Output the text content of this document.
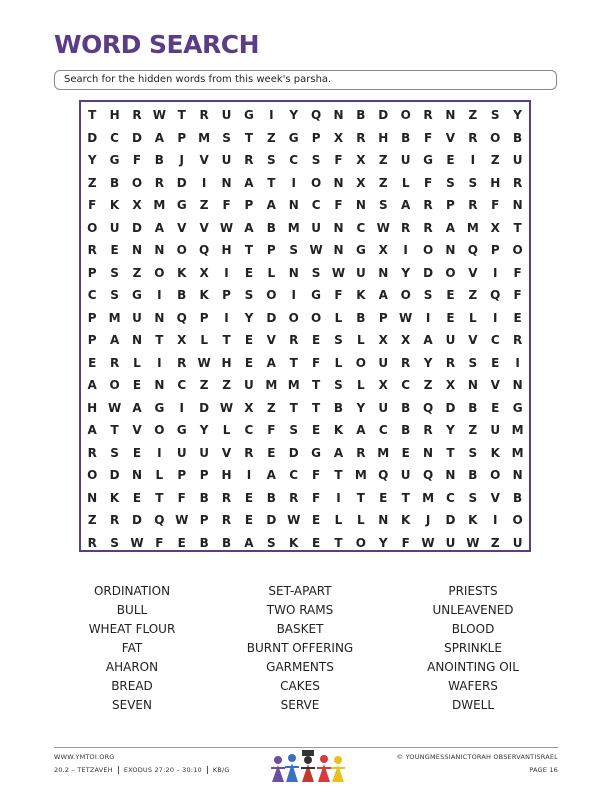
WORD SEARCH
Search for the hidden words from this week's parsha.
T	H	R W T	R	U	G	I	Y	Q	N	B	D	O	R	N	Z	S	Y
D	C	D	A	P	M	S	T	Z	G	P	X	R	H	B	F	V	R	O	B
Y	G	F	B	J	V	U	R	S	C	S	F	X	Z	U	G	E	I	Z	U
Z	B	O	R	D	I	N	A	T	I	O	N	X	Z	L	F	S	S	H	R
F	K	X M G	Z	F	P	A	N	C	F	N	S	A	R	P	R	F	N
O	U	D	A	V	V W A	B M U	N	C W R	R	A M X	T
R	E	N	N	O	Q	H	T	P	S W N	G	X	I	O	N	Q	P	O
P	S	Z	O	K	X	I	E	L	N	S W U	N	Y	D	O	V	I	F
C	S	G	I	B	K	P	S	O	I	G	F	K	A	O	S	E	Z	Q	F
P	M U	N	Q	P	I	Y	D	O	O	L	B	P W	I	E	L	I	E
P	A	N	T	X	L	T	E	V	R	E	S	L	X	X	A	U	V	C	R
E	R	L	I	R W H	E	A	T	F	L	O	U	R	Y	R	S	E	I
A	O	E	N	C	Z	Z	U M M	T	S	L	X	C	Z	X	N	V	N
H W A	G	I	D W X	Z	T	T	B	Y	U	B	Q	D	B	E	G
A	T	V	O	G	Y	L	C	F	S	E	K	A	C	B	R	Y	Z	U M
R	S	E	I	U	U	V	R	E	D	G	A	R M	E	N	T	S	K M
O	D	N	L	P	P	H	I	A	C	F	T	M Q	U	Q	N	B	O	N
N	K	E	T	F	B	R	E	B	R	F	I	T	E	T	M	C	S	V	B
Z	R	D	Q W P	R	E	D W E	L	L	N	K	J	D	K	I	O
R	S W F	E	B	B	A	S	K	E	T	O	Y	F W U W Z	U
ORDINATION	SET-APART	PRIESTS
BULL	TWO RAMS	UNLEAVENED
WHEAT FLOUR	BASKET	BLOOD
FAT	BURNT OFFERING	SPRINKLE
AHARON	GARMENTS	ANOINTING OIL
BREAD	CAKES	WAFERS
SEVEN	SERVE	DWELL
WWW.YMTOI.ORG
20.2 – TETZAVEH EXODUS 27:20 – 30:10 KB/G
© YOUNGMESSIANICTORAH OBSERVANTISRAEL
PAGE 16
